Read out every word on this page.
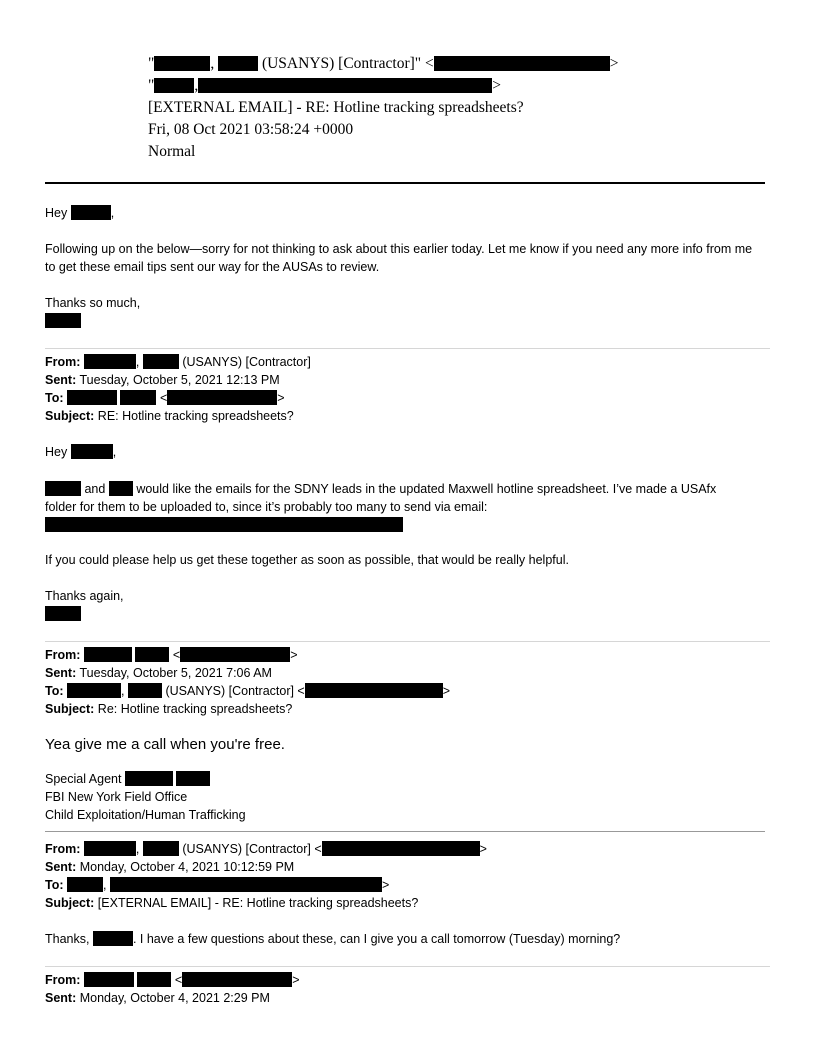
"	,	(USANYS) [Contractor]" <	>
"	,	>
[EXTERNAL EMAIL] - RE: Hotline tracking spreadsheets?
Fri, 08 Oct 2021 03:58:24 +0000
Normal
Hey	,
Following up on the below—sorry for not thinking to ask about this earlier today. Let me know if you need any more info from me to get these email tips sent our way for the AUSAs to review.
Thanks so much,
From:	,	(USANYS) [Contractor]
Sent: Tuesday, October 5, 2021 12:13 PM
To:	<	>
Subject: RE: Hotline tracking spreadsheets?
Hey	,
and would like the emails for the SDNY leads in the updated Maxwell hotline spreadsheet. I’ve made a USAfx
folder for them to be uploaded to, since it’s probably too many to send via email:
If you could please help us get these together as soon as possible, that would be really helpful.
Thanks again,
From:	<	>
Sent: Tuesday, October 5, 2021 7:06 AM
To:	,	(USANYS) [Contractor] <	>
Subject: Re: Hotline tracking spreadsheets?
Yea give me a call when you're free.
Special Agent
FBI New York Field Office
Child Exploitation/Human Trafficking
From:	,	(USANYS) [Contractor] <	>
Sent: Monday, October 4, 2021 10:12:59 PM
To:	,	>
Subject: [EXTERNAL EMAIL] - RE: Hotline tracking spreadsheets?
Thanks,	. I have a few questions about these, can I give you a call tomorrow (Tuesday) morning?
From:	<	>
Sent: Monday, October 4, 2021 2:29 PM
